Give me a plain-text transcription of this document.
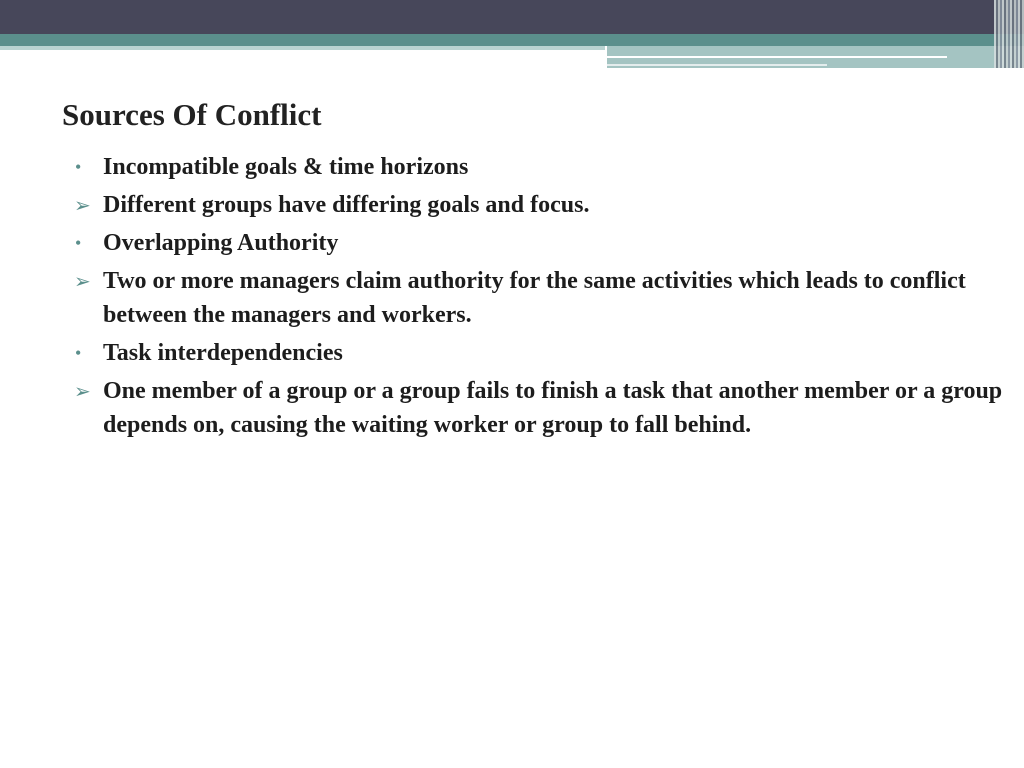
Sources Of Conflict
• Incompatible goals & time horizons
➢ Different groups have differing goals and focus.
• Overlapping Authority
➢ Two or more managers claim authority for the same activities which leads to conflict between the managers and workers.
• Task interdependencies
➢ One member of a group or a group fails to finish a task that another member or a group depends on, causing the waiting worker or group to fall behind.
